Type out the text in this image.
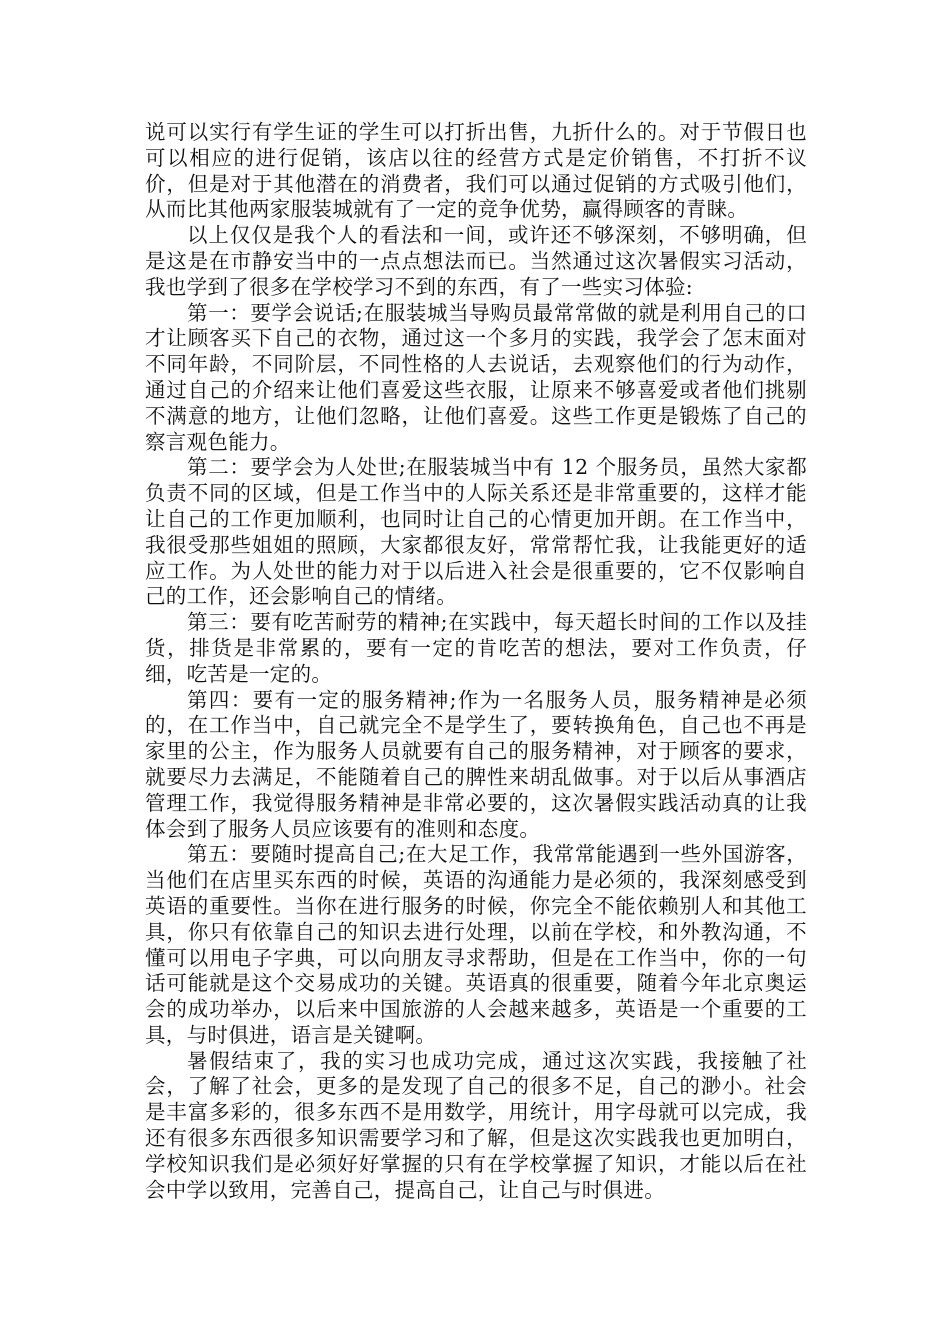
说可以实行有学生证的学生可以打折出售，九折什么的。对于节假日也可以相应的进行促销，该店以往的经营方式是定价销售，不打折不议价，但是对于其他潜在的消费者，我们可以通过促销的方式吸引他们，从而比其他两家服装城就有了一定的竞争优势，赢得顾客的青睐。

以上仅仅是我个人的看法和一间，或许还不够深刻，不够明确，但是这是在市静安当中的一点点想法而已。当然通过这次暑假实习活动，我也学到了很多在学校学习不到的东西，有了一些实习体验:

第一：要学会说话;在服装城当导购员最常常做的就是利用自己的口才让顾客买下自己的衣物，通过这一个多月的实践，我学会了怎末面对不同年龄，不同阶层，不同性格的人去说话，去观察他们的行为动作，通过自己的介绍来让他们喜爱这些衣服，让原来不够喜爱或者他们挑剔不满意的地方，让他们忽略，让他们喜爱。这些工作更是锻炼了自己的察言观色能力。

第二：要学会为人处世;在服装城当中有 12 个服务员，虽然大家都负责不同的区域，但是工作当中的人际关系还是非常重要的，这样才能让自己的工作更加顺利，也同时让自己的心情更加开朗。在工作当中，我很受那些姐姐的照顾，大家都很友好，常常帮忙我，让我能更好的适应工作。为人处世的能力对于以后进入社会是很重要的，它不仅影响自己的工作，还会影响自己的情绪。

第三：要有吃苦耐劳的精神;在实践中，每天超长时间的工作以及挂货，排货是非常累的，要有一定的肯吃苦的想法，要对工作负责，仔细，吃苦是一定的。

第四：要有一定的服务精神;作为一名服务人员，服务精神是必须的，在工作当中，自己就完全不是学生了，要转换角色，自己也不再是家里的公主，作为服务人员就要有自己的服务精神，对于顾客的要求，就要尽力去满足，不能随着自己的脾性来胡乱做事。对于以后从事酒店管理工作，我觉得服务精神是非常必要的，这次暑假实践活动真的让我体会到了服务人员应该要有的准则和态度。

第五：要随时提高自己;在大足工作，我常常能遇到一些外国游客，当他们在店里买东西的时候，英语的沟通能力是必须的，我深刻感受到英语的重要性。当你在进行服务的时候，你完全不能依赖别人和其他工具，你只有依靠自己的知识去进行处理，以前在学校，和外教沟通，不懂可以用电子字典，可以向朋友寻求帮助，但是在工作当中，你的一句话可能就是这个交易成功的关键。英语真的很重要，随着今年北京奥运会的成功举办，以后来中国旅游的人会越来越多，英语是一个重要的工具，与时俱进，语言是关键啊。

暑假结束了，我的实习也成功完成，通过这次实践，我接触了社会，了解了社会，更多的是发现了自己的很多不足，自己的渺小。社会是丰富多彩的，很多东西不是用数学，用统计，用字母就可以完成，我还有很多东西很多知识需要学习和了解，但是这次实践我也更加明白，学校知识我们是必须好好掌握的只有在学校掌握了知识，才能以后在社会中学以致用，完善自己，提高自己，让自己与时俱进。
